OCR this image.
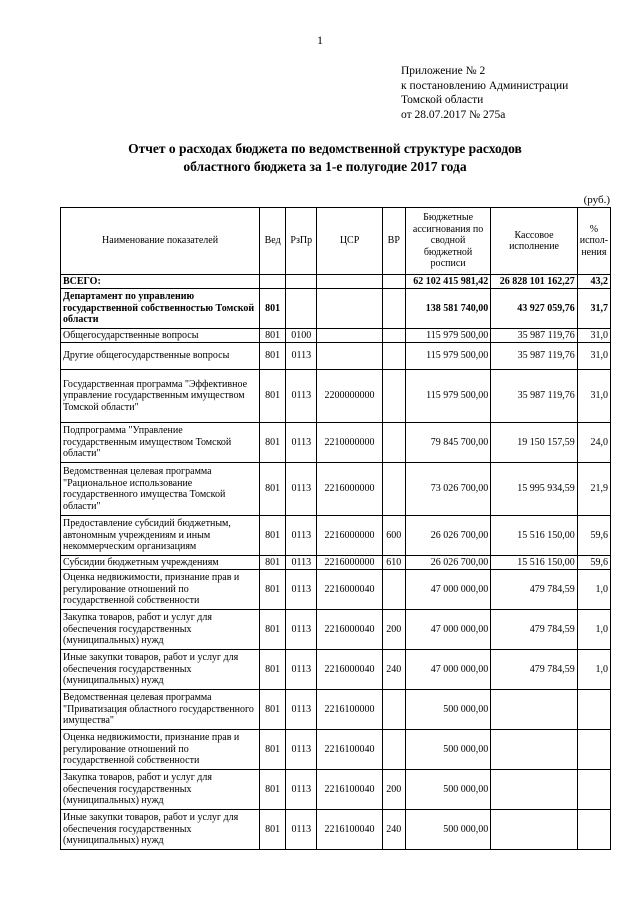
1
Приложение № 2
к постановлению Администрации
Томской области
от 28.07.2017 № 275а
Отчет о расходах бюджета по ведомственной структуре расходов
областного бюджета за 1-е полугодие 2017 года
(руб.)
Наименование показателей	Вед	РзПр	ЦСР	ВР	Бюджетные ассигнования по сводной бюджетной росписи	Кассовое исполнение	% испол-нения
ВСЕГО:					62 102 415 981,42	26 828 101 162,27	43,2
Департамент по управлению государственной собственностью Томской области	801				138 581 740,00	43 927 059,76	31,7
Общегосударственные вопросы	801	0100			115 979 500,00	35 987 119,76	31,0
Другие общегосударственные вопросы	801	0113			115 979 500,00	35 987 119,76	31,0
Государственная программа "Эффективное управление государственным имуществом Томской области"	801	0113	2200000000		115 979 500,00	35 987 119,76	31,0
Подпрограмма "Управление государственным имуществом Томской области"	801	0113	2210000000		79 845 700,00	19 150 157,59	24,0
Ведомственная целевая программа "Рациональное использование государственного имущества Томской области"	801	0113	2216000000		73 026 700,00	15 995 934,59	21,9
Предоставление субсидий бюджетным, автономным учреждениям и иным некоммерческим организациям	801	0113	2216000000	600	26 026 700,00	15 516 150,00	59,6
Субсидии бюджетным учреждениям	801	0113	2216000000	610	26 026 700,00	15 516 150,00	59,6
Оценка недвижимости, признание прав и регулирование отношений по государственной собственности	801	0113	2216000040		47 000 000,00	479 784,59	1,0
Закупка товаров, работ и услуг для обеспечения государственных (муниципальных) нужд	801	0113	2216000040	200	47 000 000,00	479 784,59	1,0
Иные закупки товаров, работ и услуг для обеспечения государственных (муниципальных) нужд	801	0113	2216000040	240	47 000 000,00	479 784,59	1,0
Ведомственная целевая программа "Приватизация областного государственного имущества"	801	0113	2216100000		500 000,00		
Оценка недвижимости, признание прав и регулирование отношений по государственной собственности	801	0113	2216100040		500 000,00		
Закупка товаров, работ и услуг для обеспечения государственных (муниципальных) нужд	801	0113	2216100040	200	500 000,00		
Иные закупки товаров, работ и услуг для обеспечения государственных (муниципальных) нужд	801	0113	2216100040	240	500 000,00		
